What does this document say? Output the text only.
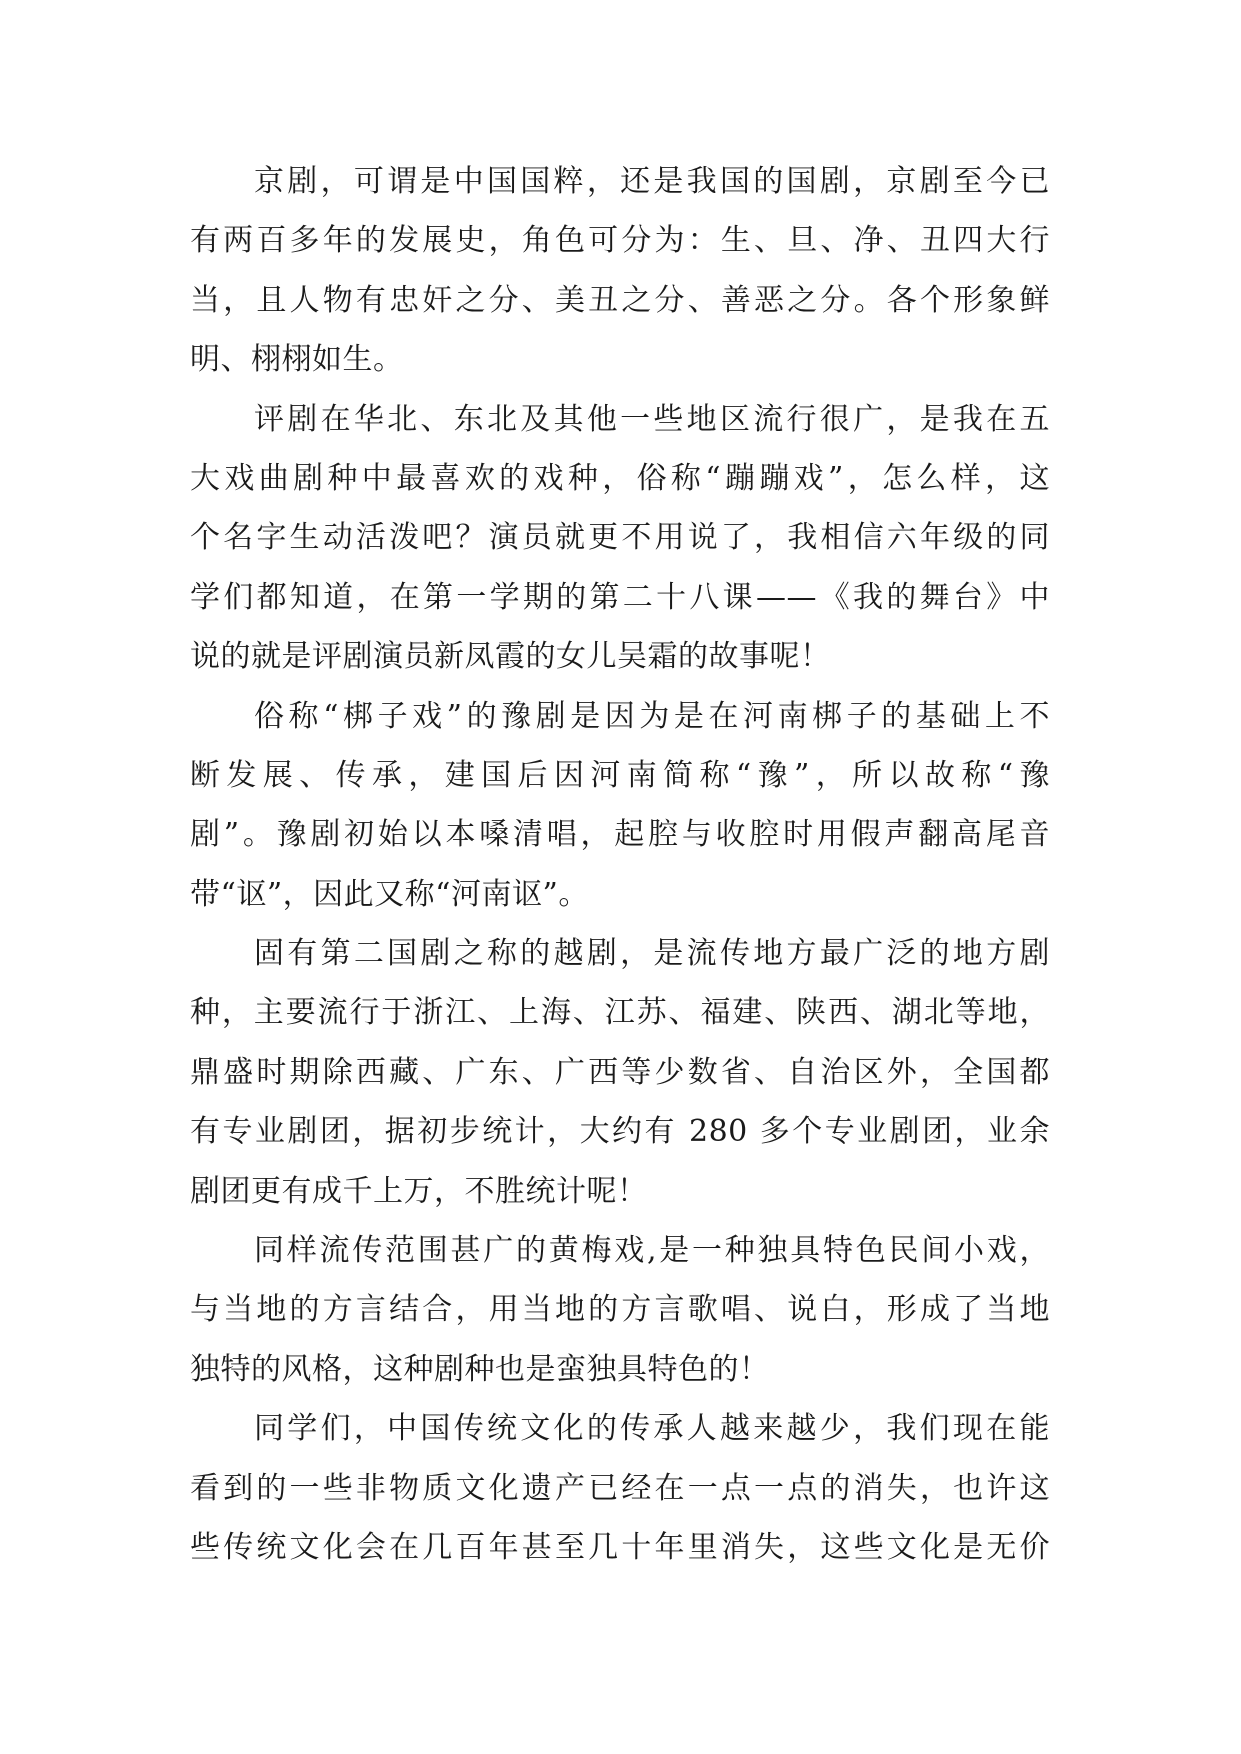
京剧，可谓是中国国粹，还是我国的国剧，京剧至今已
有两百多年的发展史，角色可分为：生、旦、净、丑四大行
当，且人物有忠奸之分、美丑之分、善恶之分。各个形象鲜
明、栩栩如生。
评剧在华北、东北及其他一些地区流行很广，是我在五
大戏曲剧种中最喜欢的戏种，俗称“蹦蹦戏”，怎么样，这
个名字生动活泼吧？演员就更不用说了，我相信六年级的同
学们都知道，在第一学期的第二十八课——《我的舞台》中
说的就是评剧演员新凤霞的女儿吴霜的故事呢！
俗称“梆子戏”的豫剧是因为是在河南梆子的基础上不
断发展、传承，建国后因河南简称“豫”，所以故称“豫
剧”。豫剧初始以本嗓清唱，起腔与收腔时用假声翻高尾音
带“讴”，因此又称“河南讴”。
固有第二国剧之称的越剧，是流传地方最广泛的地方剧
种，主要流行于浙江、上海、江苏、福建、陕西、湖北等地，
鼎盛时期除西藏、广东、广西等少数省、自治区外，全国都
有专业剧团，据初步统计，大约有 280 多个专业剧团，业余
剧团更有成千上万，不胜统计呢！
同样流传范围甚广的黄梅戏,是一种独具特色民间小戏，
与当地的方言结合，用当地的方言歌唱、说白，形成了当地
独特的风格，这种剧种也是蛮独具特色的！
同学们，中国传统文化的传承人越来越少，我们现在能
看到的一些非物质文化遗产已经在一点一点的消失，也许这
些传统文化会在几百年甚至几十年里消失，这些文化是无价
